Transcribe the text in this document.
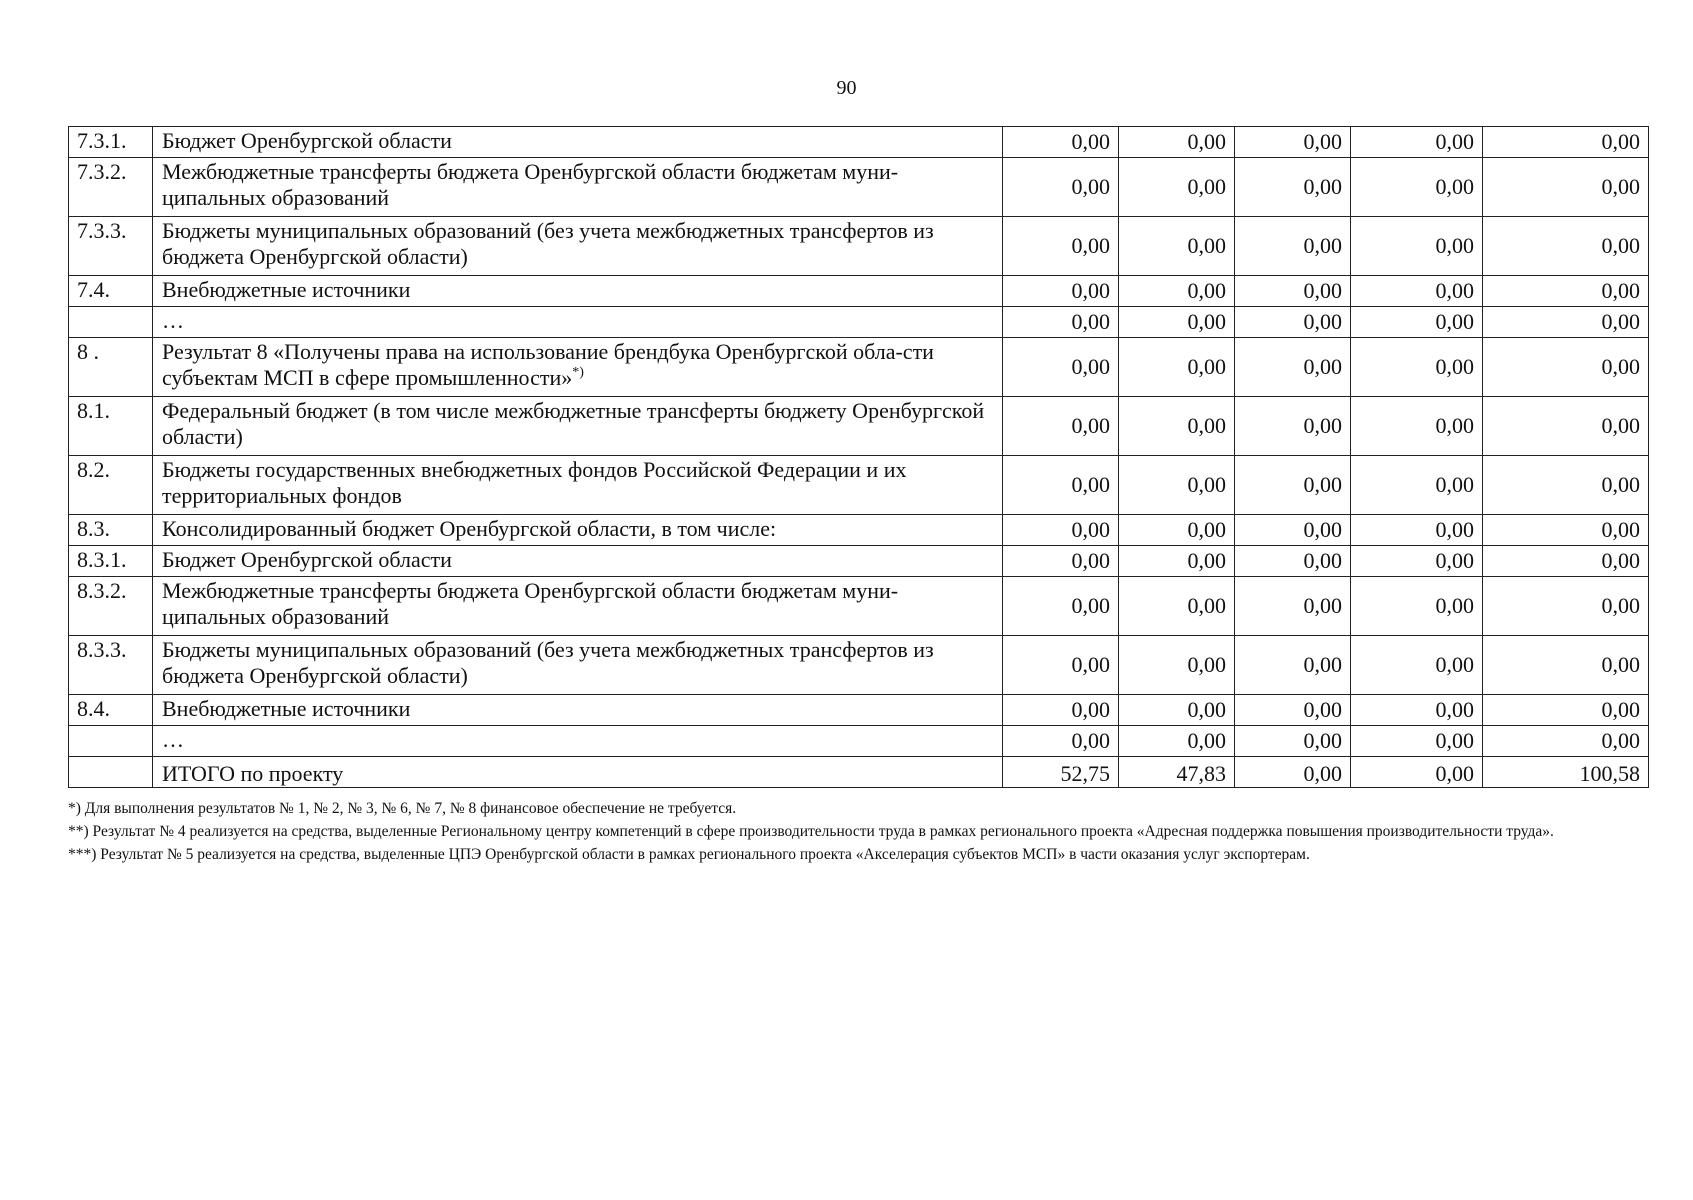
90
7.3.1.	Бюджет Оренбургской области	0,00	0,00	0,00	0,00	0,00
7.3.2.	Межбюджетные трансферты бюджета Оренбургской области бюджетам муни-ципальных образований	0,00	0,00	0,00	0,00	0,00
7.3.3.	Бюджеты муниципальных образований (без учета межбюджетных трансфертов из бюджета Оренбургской области)	0,00	0,00	0,00	0,00	0,00
7.4.	Внебюджетные источники	0,00	0,00	0,00	0,00	0,00
	…	0,00	0,00	0,00	0,00	0,00
8 .	Результат 8 «Получены права на использование брендбука Оренбургской обла-сти субъектам МСП в сфере промышленности»*)	0,00	0,00	0,00	0,00	0,00
8.1.	Федеральный бюджет (в том числе межбюджетные трансферты бюджету Оренбургской области)	0,00	0,00	0,00	0,00	0,00
8.2.	Бюджеты государственных внебюджетных фондов Российской Федерации и их территориальных фондов	0,00	0,00	0,00	0,00	0,00
8.3.	Консолидированный бюджет Оренбургской области, в том числе:	0,00	0,00	0,00	0,00	0,00
8.3.1.	Бюджет Оренбургской области	0,00	0,00	0,00	0,00	0,00
8.3.2.	Межбюджетные трансферты бюджета Оренбургской области бюджетам муни-ципальных образований	0,00	0,00	0,00	0,00	0,00
8.3.3.	Бюджеты муниципальных образований (без учета межбюджетных трансфертов из бюджета Оренбургской области)	0,00	0,00	0,00	0,00	0,00
8.4.	Внебюджетные источники	0,00	0,00	0,00	0,00	0,00
	…	0,00	0,00	0,00	0,00	0,00
	ИТОГО по проекту	52,75	47,83	0,00	0,00	100,58

*) Для выполнения результатов № 1, № 2, № 3, № 6, № 7, № 8 финансовое обеспечение не требуется.

**) Результат № 4 реализуется на средства, выделенные Региональному центру компетенций в сфере производительности труда в рамках регионального проекта «Адресная поддержка повышения производительности труда».

***) Результат № 5 реализуется на средства, выделенные ЦПЭ Оренбургской области в рамках регионального проекта «Акселерация субъектов МСП» в части оказания услуг экспортерам.
